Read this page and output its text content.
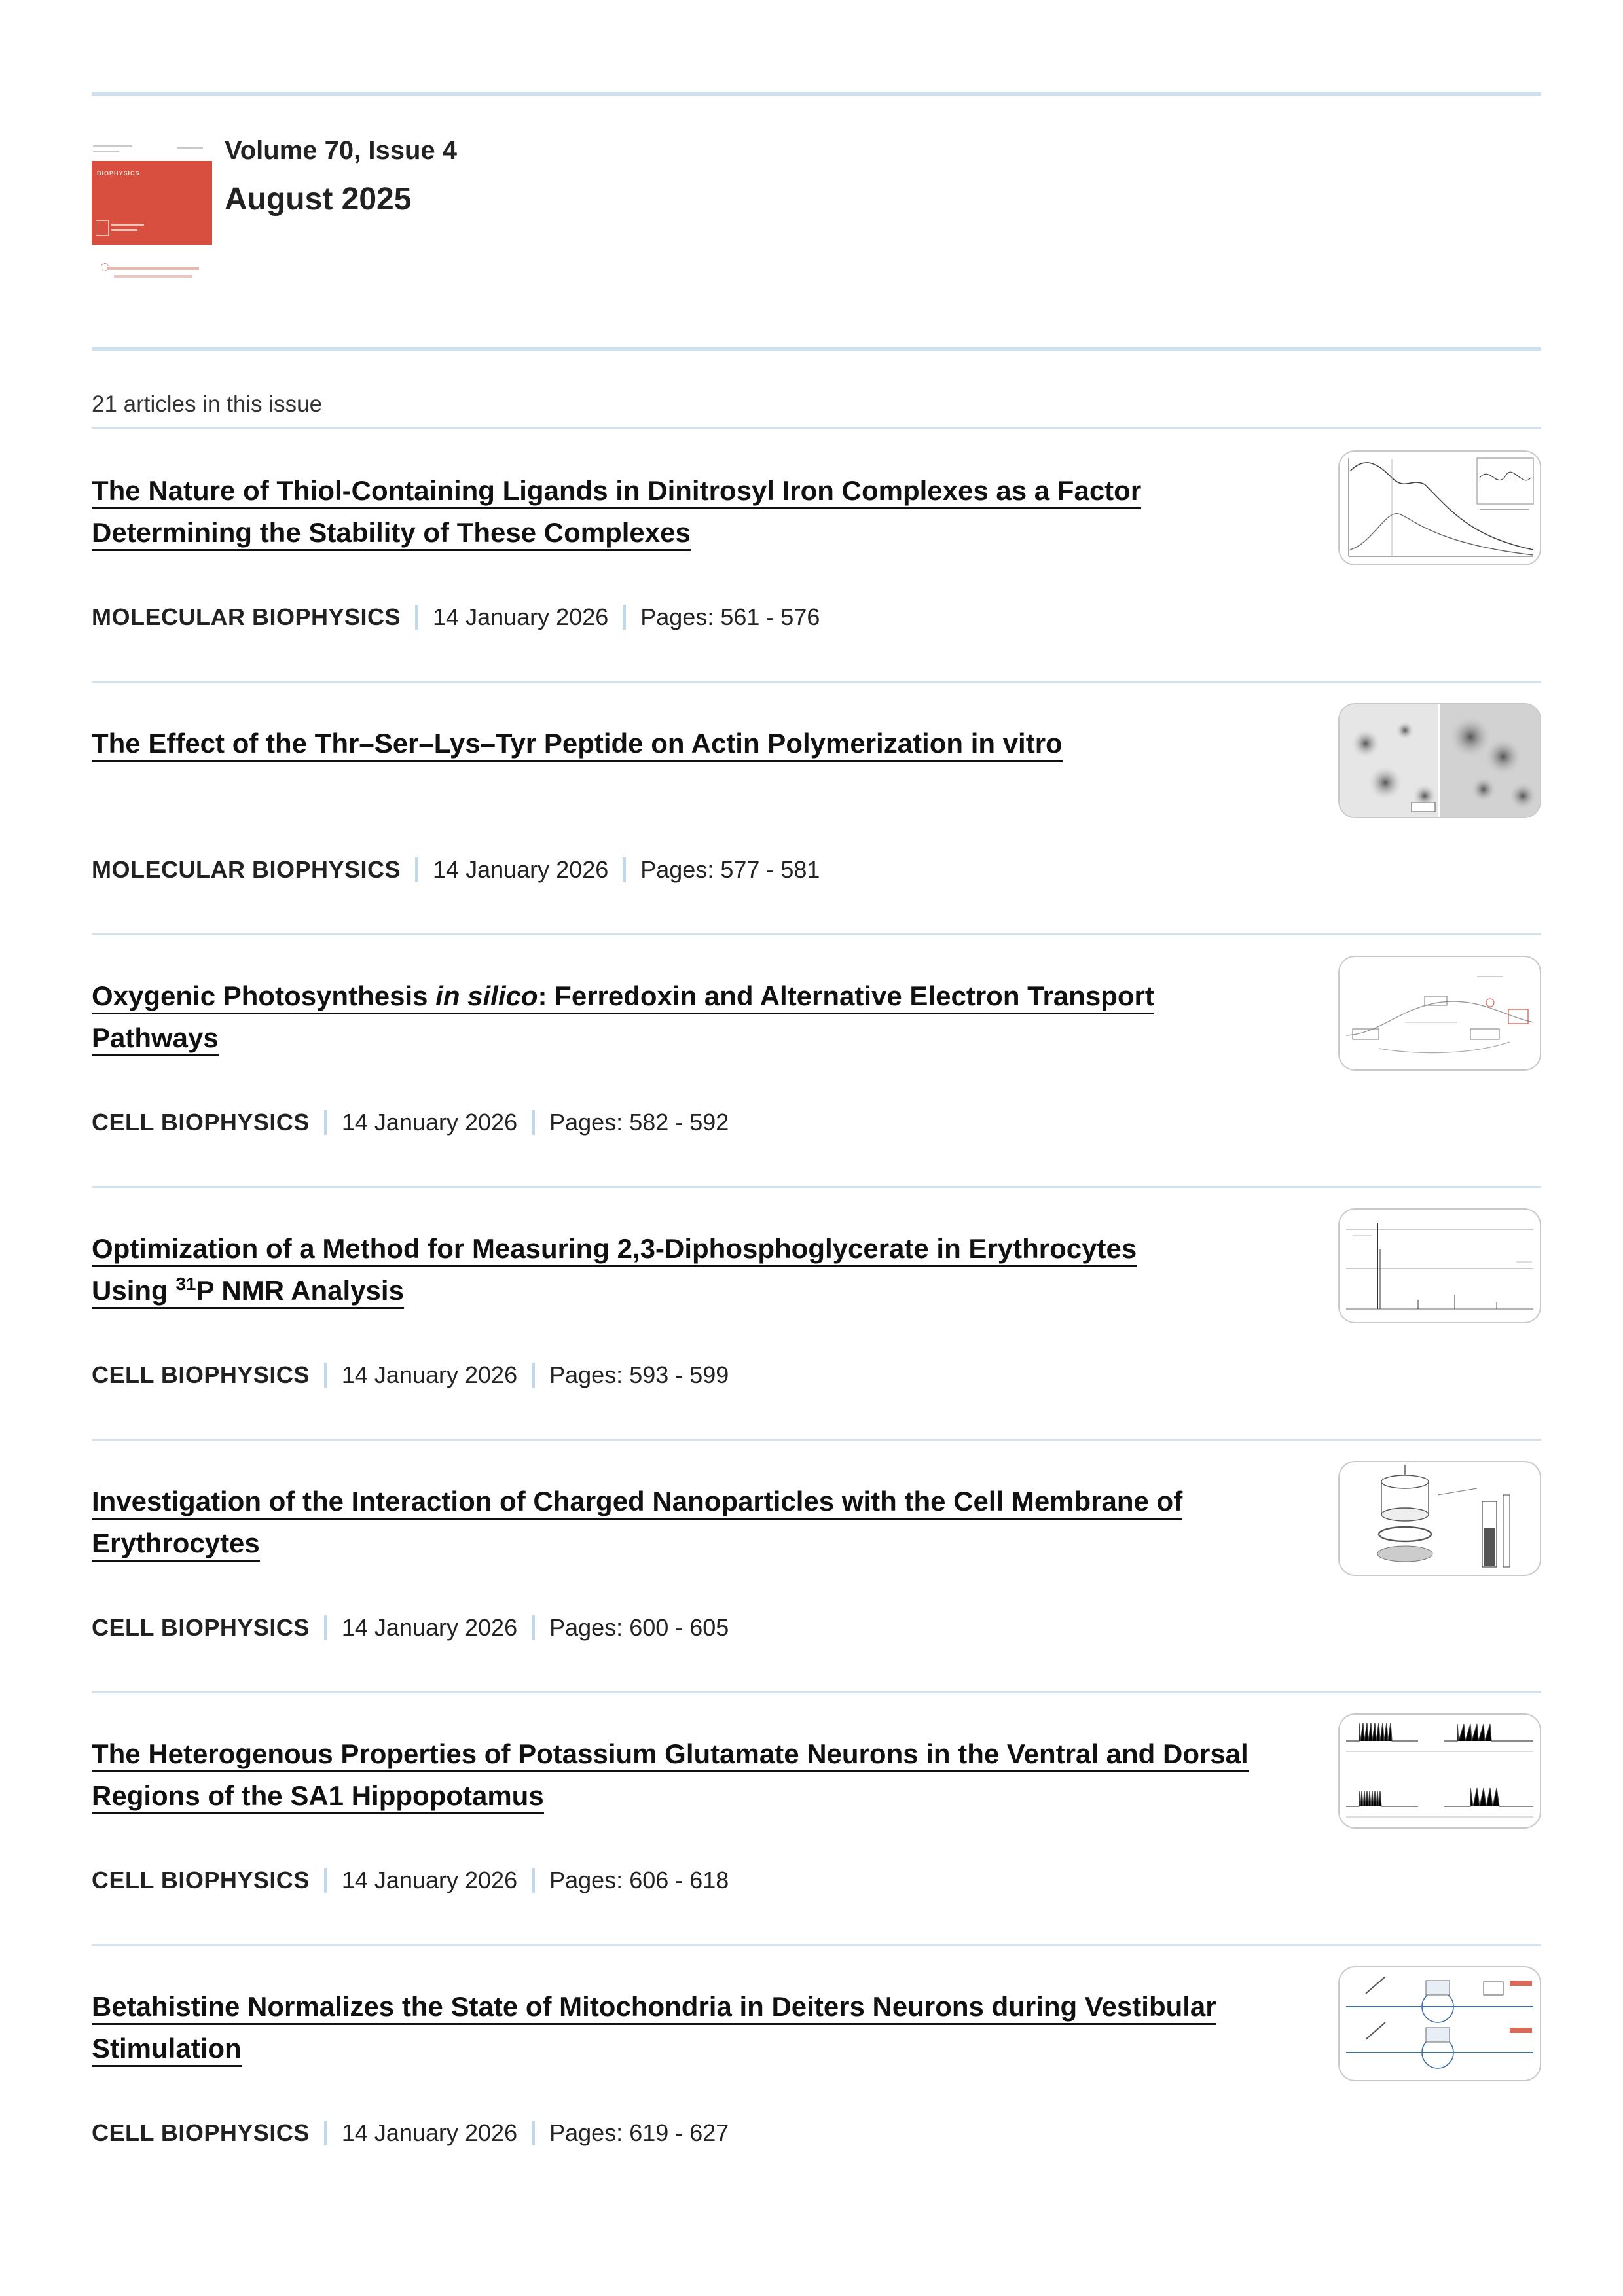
BIOPHYSICS
Volume 70, Issue 4
August 2025
21 articles in this issue
The Nature of Thiol-Containing Ligands in Dinitrosyl Iron Complexes as a Factor
Determining the Stability of These Complexes
MOLECULAR BIOPHYSICS 14 January 2026 Pages: 561 - 576
The Effect of the Thr–Ser–Lys–Tyr Peptide on Actin Polymerization in vitro
MOLECULAR BIOPHYSICS 14 January 2026 Pages: 577 - 581
Oxygenic Photosynthesis in silico: Ferredoxin and Alternative Electron Transport
Pathways
CELL BIOPHYSICS 14 January 2026 Pages: 582 - 592
Optimization of a Method for Measuring 2,3-Diphosphoglycerate in Erythrocytes
Using $^{31}$P NMR Analysis
CELL BIOPHYSICS 14 January 2026 Pages: 593 - 599
Investigation of the Interaction of Charged Nanoparticles with the Cell Membrane of
Erythrocytes
CELL BIOPHYSICS 14 January 2026 Pages: 600 - 605
The Heterogenous Properties of Potassium Glutamate Neurons in the Ventral and Dorsal
Regions of the SA1 Hippopotamus
CELL BIOPHYSICS 14 January 2026 Pages: 606 - 618
Betahistine Normalizes the State of Mitochondria in Deiters Neurons during Vestibular
Stimulation
CELL BIOPHYSICS 14 January 2026 Pages: 619 - 627
